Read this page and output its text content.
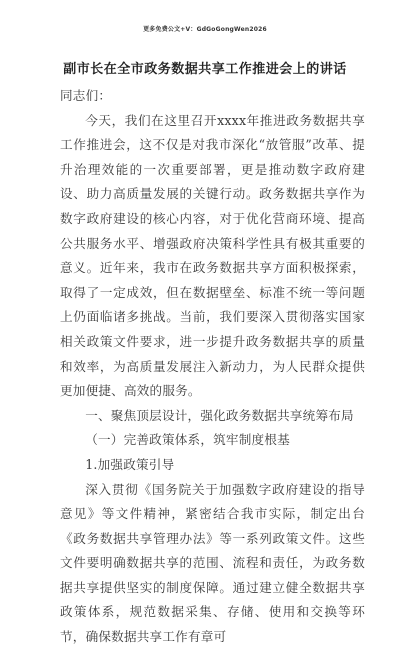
更多免费公文+V：GdGoGongWen2026
副市长在全市政务数据共享工作推进会上的讲话

同志们：

今天，我们在这里召开xxxx年推进政务数据共享工作推进会，这不仅是对我市深化“放管服”改革、提升治理效能的一次重要部署，更是推动数字政府建设、助力高质量发展的关键行动。政务数据共享作为数字政府建设的核心内容，对于优化营商环境、提高公共服务水平、增强政府决策科学性具有极其重要的意义。近年来，我市在政务数据共享方面积极探索，取得了一定成效，但在数据壁垒、标准不统一等问题上仍面临诸多挑战。当前，我们要深入贯彻落实国家相关政策文件要求，进一步提升政务数据共享的质量和效率，为高质量发展注入新动力，为人民群众提供更加便捷、高效的服务。

一、聚焦顶层设计，强化政务数据共享统筹布局

（一）完善政策体系，筑牢制度根基

1.加强政策引导

深入贯彻《国务院关于加强数字政府建设的指导意见》等文件精神，紧密结合我市实际，制定出台《政务数据共享管理办法》等一系列政策文件。这些文件要明确数据共享的范围、流程和责任，为政务数据共享提供坚实的制度保障。通过建立健全数据共享政策体系，规范数据采集、存储、使用和交换等环节，确保数据共享工作有章可
